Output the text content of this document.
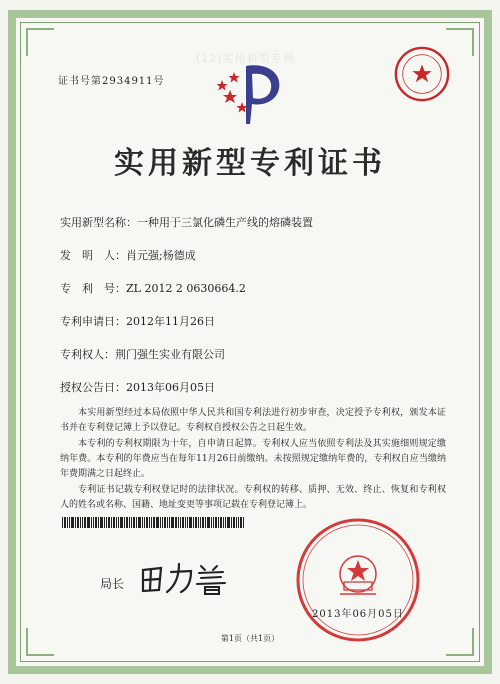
(12)实用新型专利
证书号第2934911号
实用新型专利证书
实用新型名称：一种用于三氯化磷生产线的熔磷装置
发　明　人：肖元强;杨德成
专　利　号：ZL 2012 2 0630664.2
专利申请日：2012年11月26日
专利权人：荆门强生实业有限公司
授权公告日：2013年06月05日

本实用新型经过本局依照中华人民共和国专利法进行初步审查，决定授予专利权，颁发本证书并在专利登记簿上予以登记。专利权自授权公告之日起生效。

本专利的专利权期限为十年，自申请日起算。专利权人应当依照专利法及其实施细则规定缴纳年费。本专利的年费应当在每年11月26日前缴纳。未按照规定缴纳年费的，专利权自应当缴纳年费期满之日起终止。

专利证书记载专利权登记时的法律状况。专利权的转移、质押、无效、终止、恢复和专利权人的姓名或名称、国籍、地址变更等事项记载在专利登记簿上。

局长
2013年06月05日
第1页（共1页）
